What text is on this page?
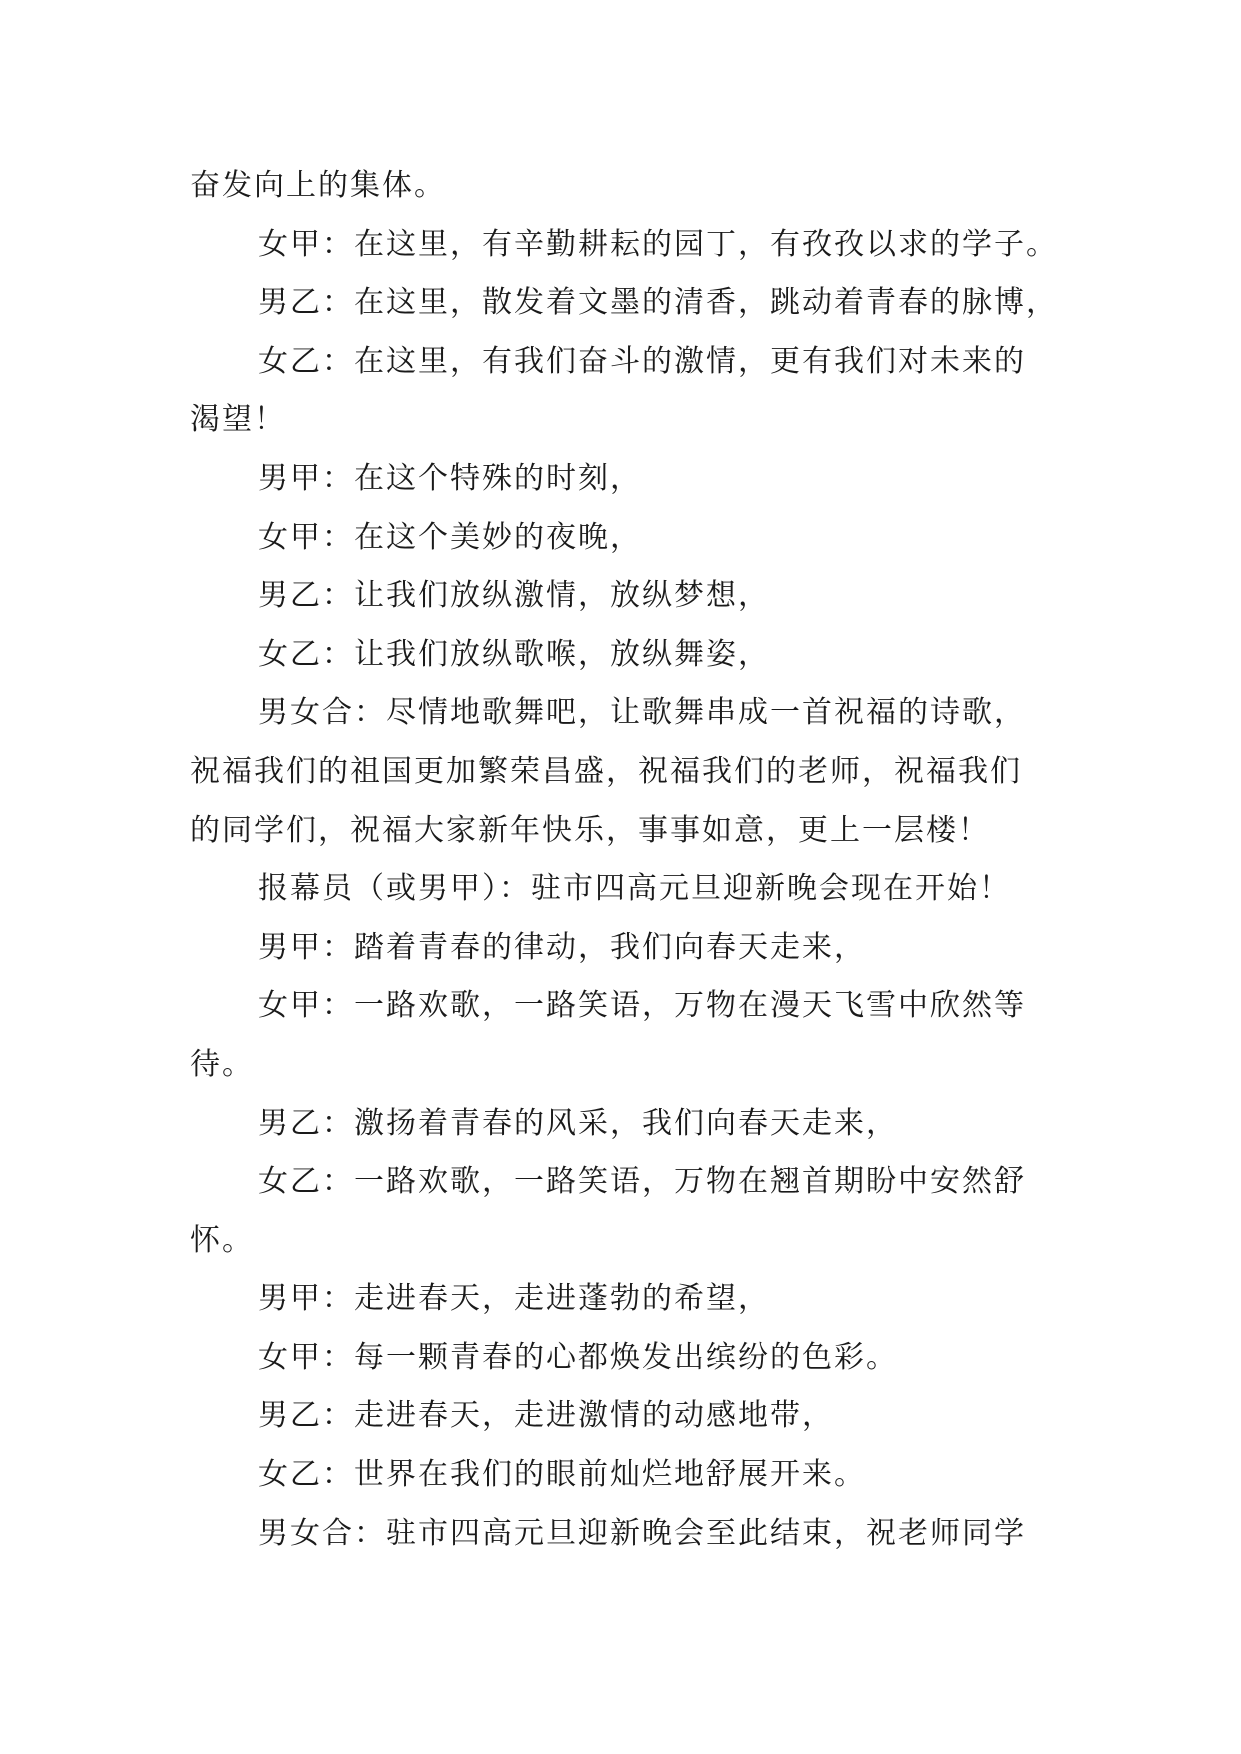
奋发向上的集体。
女甲：在这里，有辛勤耕耘的园丁，有孜孜以求的学子。
男乙：在这里，散发着文墨的清香，跳动着青春的脉博，
女乙：在这里，有我们奋斗的激情，更有我们对未来的
渴望！
男甲：在这个特殊的时刻，
女甲：在这个美妙的夜晚，
男乙：让我们放纵激情，放纵梦想，
女乙：让我们放纵歌喉，放纵舞姿，
男女合：尽情地歌舞吧，让歌舞串成一首祝福的诗歌，
祝福我们的祖国更加繁荣昌盛，祝福我们的老师，祝福我们
的同学们，祝福大家新年快乐，事事如意，更上一层楼！
报幕员（或男甲）：驻市四高元旦迎新晚会现在开始！
男甲：踏着青春的律动，我们向春天走来，
女甲：一路欢歌，一路笑语，万物在漫天飞雪中欣然等
待。
男乙：激扬着青春的风采，我们向春天走来，
女乙：一路欢歌，一路笑语，万物在翘首期盼中安然舒
怀。
男甲：走进春天，走进蓬勃的希望，
女甲：每一颗青春的心都焕发出缤纷的色彩。
男乙：走进春天，走进激情的动感地带，
女乙：世界在我们的眼前灿烂地舒展开来。
男女合：驻市四高元旦迎新晚会至此结束，祝老师同学
